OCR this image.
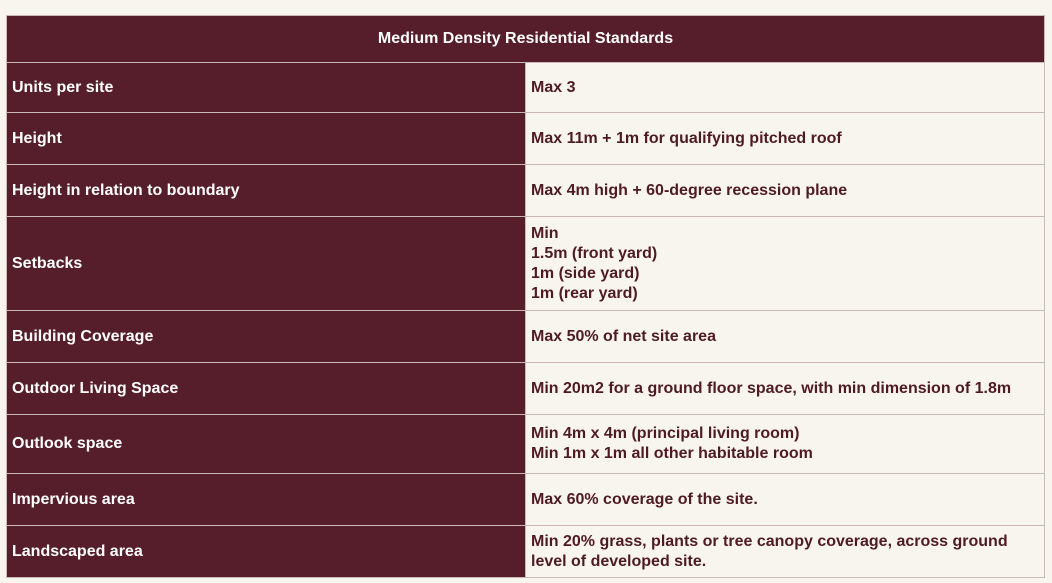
Medium Density Residential Standards	
Units per site	Max 3

Height	Max 11m + 1m for qualifying pitched roof

Height in relation to boundary	Max 4m high + 60-degree recession plane

Setbacks	Min
1.5m (front yard)
1m (side yard)
1m (rear yard)

Building Coverage	Max 50% of net site area

Outdoor Living Space	Min 20m2 for a ground floor space, with min dimension of 1.8m

Outlook space	Min 4m x 4m (principal living room)
Min 1m x 1m all other habitable room

Impervious area	Max 60% coverage of the site.

Landscaped area	Min 20% grass, plants or tree canopy coverage, across ground level of developed site.
